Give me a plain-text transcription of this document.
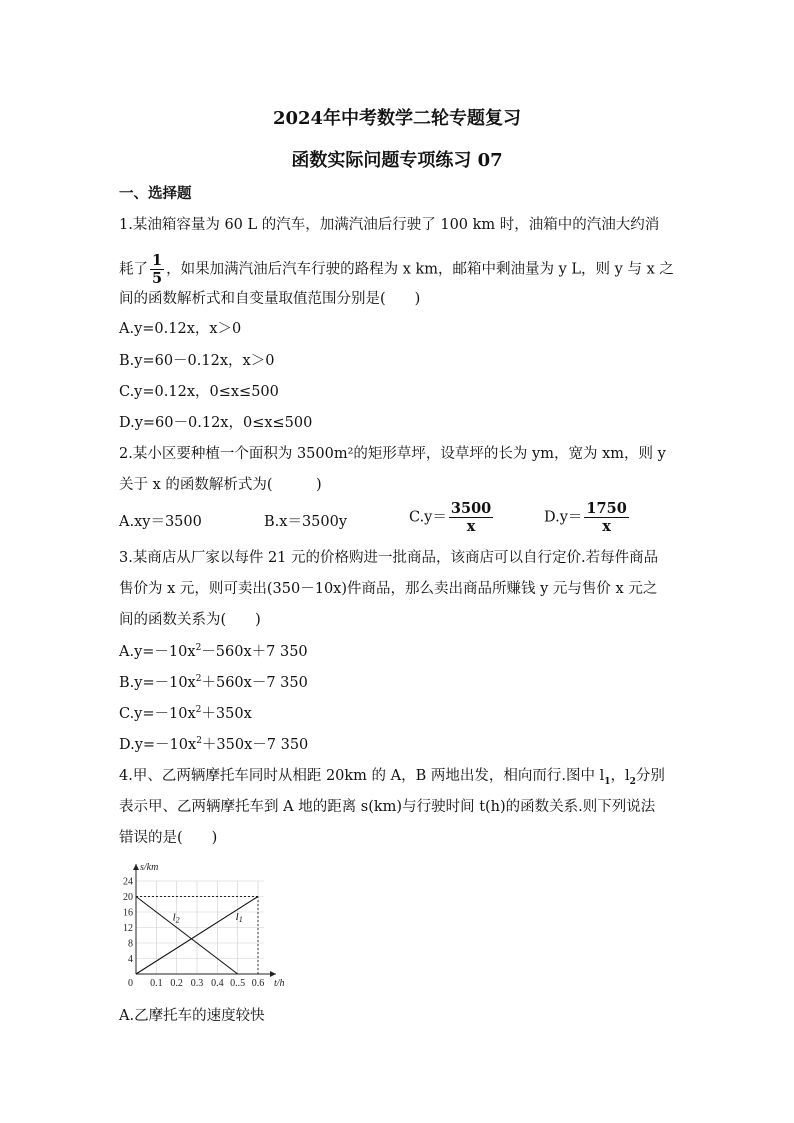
2024年中考数学二轮专题复习
函数实际问题专项练习 07
一、选择题
1.某油箱容量为 60 L 的汽车，加满汽油后行驶了 100 km 时，油箱中的汽油大约消
耗了 $\frac{1}{5}$ ，如果加满汽油后汽车行驶的路程为 x km，邮箱中剩油量为 y L，则 y 与 x 之
间的函数解析式和自变量取值范围分别是(　　)
A.y=0.12x，x＞0
B.y=60－0.12x，x＞0
C.y=0.12x，0≤x≤500
D.y=60－0.12x，0≤x≤500
2.某小区要种植一个面积为 3500m²的矩形草坪，设草坪的长为 ym，宽为 xm，则 y
关于 x 的函数解析式为(　　　)
A.xy＝3500	B.x＝3500y	$C.y= \frac{3500}{x}$	$D.y= \frac{1750}{x}$
3.某商店从厂家以每件 21 元的价格购进一批商品，该商店可以自行定价.若每件商品
售价为 x 元，则可卖出(350－10x)件商品，那么卖出商品所赚钱 y 元与售价 x 元之
间的函数关系为(　　)
$A.y=-10x^2-560x+7$ 350
$B.y=-10x^2+560x-7$ 350
$C.y=-10x^2+350x$
$D.y=-10x^2+350x-7$ 350
4.甲、乙两辆摩托车同时从相距 20km 的 A，B 两地出发，相向而行.图中 $l_1$，$l_2$分别
表示甲、乙两辆摩托车到 A 地的距离 s(km)与行驶时间 t(h)的函数关系.则下列说法
错误的是(　　)
4
8
12
16
20
24
0 0.1 0.2 0.3 0.4 0..5 0.6 t/h
s/km
l1
l2
A.乙摩托车的速度较快
